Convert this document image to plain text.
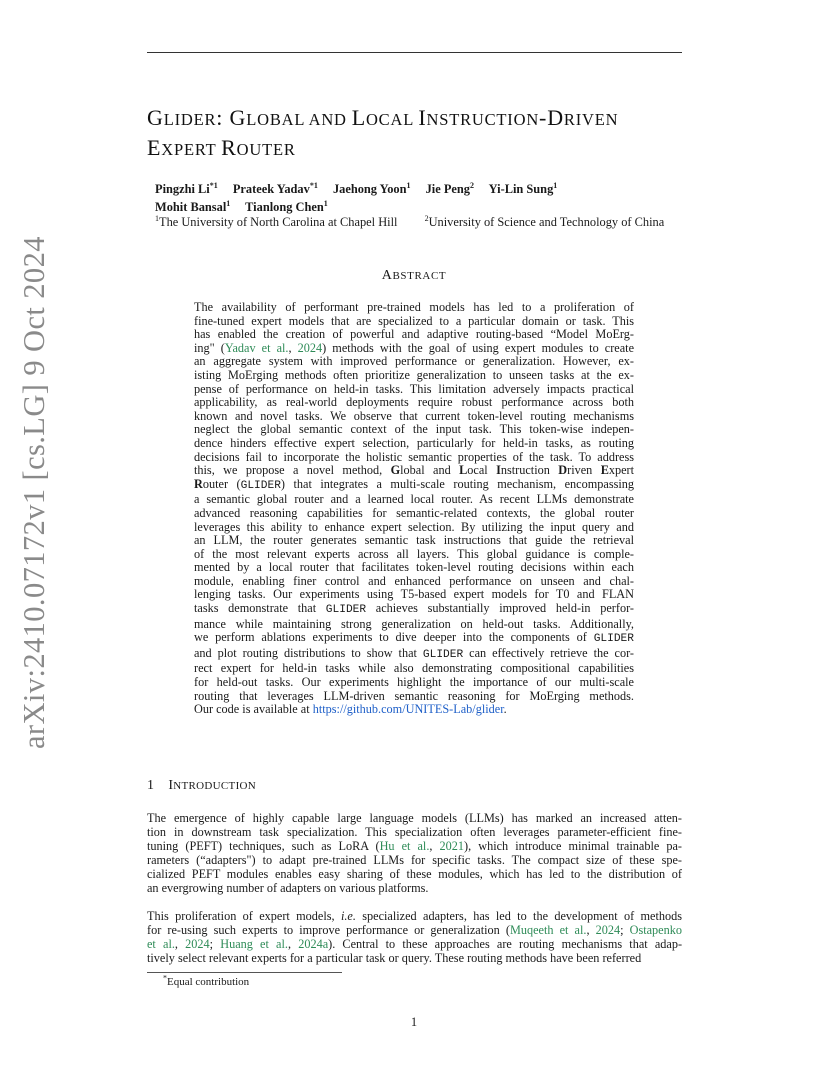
arXiv:2410.07172v1 [cs.LG] 9 Oct 2024
GLIDER: GLOBAL AND LOCAL INSTRUCTION-DRIVEN
EXPERT ROUTER
Pingzhi Li$^{*1}$ Prateek Yadav$^{*1}$ Jaehong Yoon$^1$ Jie Peng$^2$ Yi-Lin Sung$^1$
Mohit Bansal$^1$ Tianlong Chen$^1$
$^1$The University of North Carolina at Chapel Hill	$^2$University of Science and Technology of China
ABSTRACT
The availability of performant pre-trained models has led to a proliferation of
fine-tuned expert models that are specialized to a particular domain or task. This
has enabled the creation of powerful and adaptive routing-based “Model MoErg-
ing" (Yadav et al., 2024) methods with the goal of using expert modules to create
an aggregate system with improved performance or generalization. However, ex-
isting MoErging methods often prioritize generalization to unseen tasks at the ex-
pense of performance on held-in tasks. This limitation adversely impacts practical
applicability, as real-world deployments require robust performance across both
known and novel tasks. We observe that current token-level routing mechanisms
neglect the global semantic context of the input task. This token-wise indepen-
dence hinders effective expert selection, particularly for held-in tasks, as routing
decisions fail to incorporate the holistic semantic properties of the task. To address
this, we propose a novel method, Global and Local Instruction Driven Expert
Router (GLIDER) that integrates a multi-scale routing mechanism, encompassing
a semantic global router and a learned local router. As recent LLMs demonstrate
advanced reasoning capabilities for semantic-related contexts, the global router
leverages this ability to enhance expert selection. By utilizing the input query and
an LLM, the router generates semantic task instructions that guide the retrieval
of the most relevant experts across all layers. This global guidance is comple-
mented by a local router that facilitates token-level routing decisions within each
module, enabling finer control and enhanced performance on unseen and chal-
lenging tasks. Our experiments using T5-based expert models for T0 and FLAN
tasks demonstrate that GLIDER achieves substantially improved held-in perfor-
mance while maintaining strong generalization on held-out tasks. Additionally,
we perform ablations experiments to dive deeper into the components of GLIDER
and plot routing distributions to show that GLIDER can effectively retrieve the cor-
rect expert for held-in tasks while also demonstrating compositional capabilities
for held-out tasks. Our experiments highlight the importance of our multi-scale
routing that leverages LLM-driven semantic reasoning for MoErging methods.
Our code is available at https://github.com/UNITES-Lab/glider.
1 INTRODUCTION
The emergence of highly capable large language models (LLMs) has marked an increased atten-
tion in downstream task specialization. This specialization often leverages parameter-efficient fine-
tuning (PEFT) techniques, such as LoRA (Hu et al., 2021), which introduce minimal trainable pa-
rameters (“adapters") to adapt pre-trained LLMs for specific tasks. The compact size of these spe-
cialized PEFT modules enables easy sharing of these modules, which has led to the distribution of
an evergrowing number of adapters on various platforms.
This proliferation of expert models, i.e. specialized adapters, has led to the development of methods
for re-using such experts to improve performance or generalization (Muqeeth et al., 2024; Ostapenko
et al., 2024; Huang et al., 2024a). Central to these approaches are routing mechanisms that adap-
tively select relevant experts for a particular task or query. These routing methods have been referred
*Equal contribution
1
